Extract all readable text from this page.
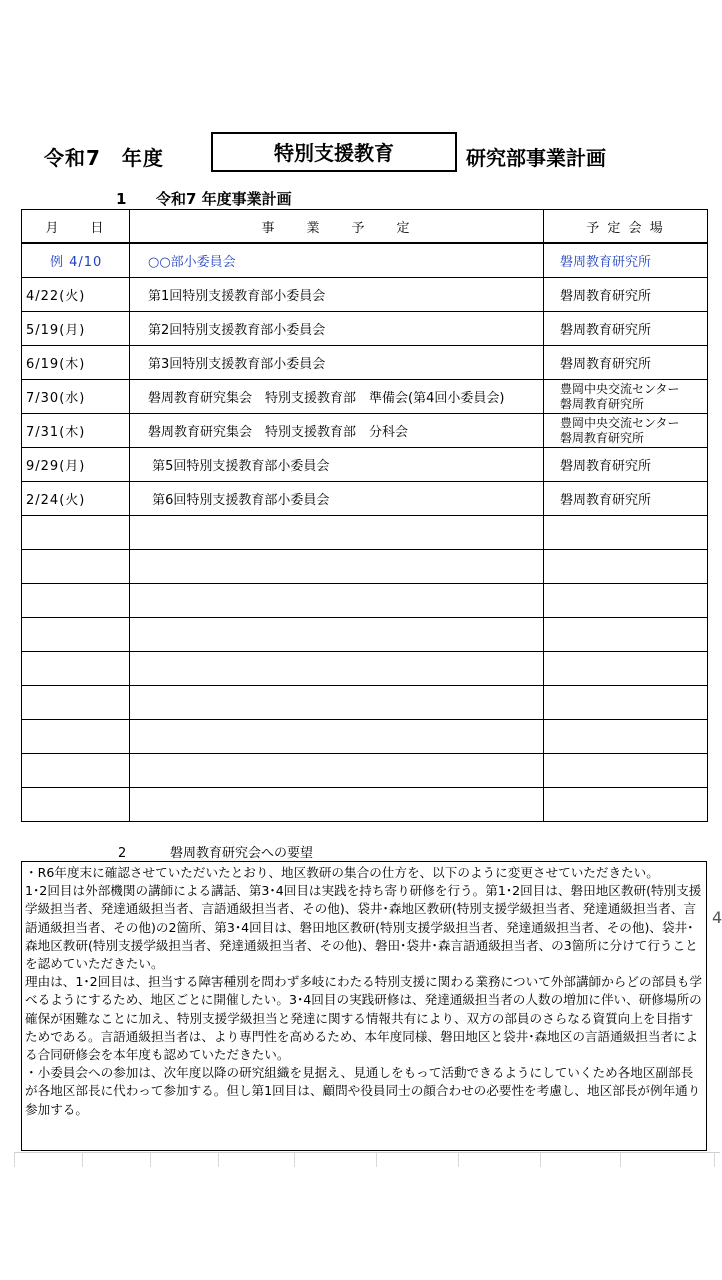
令和7　年度	特別支援教育	研究部事業計画
1 令和7 年度事業計画
月　　日	事　　業　　予　　定	予 定 会 場
例 4/10	○○部小委員会	磐周教育研究所
4/22(火)	第1回特別支援教育部小委員会	磐周教育研究所
5/19(月)	第2回特別支援教育部小委員会	磐周教育研究所
6/19(木)	第3回特別支援教育部小委員会	磐周教育研究所
7/30(水)	磐周教育研究集会　特別支援教育部　準備会(第4回小委員会)	豊岡中央交流センター
磐周教育研究所

7/31(木)	磐周教育研究集会　特別支援教育部　分科会	豊岡中央交流センター
磐周教育研究所

9/29(月)	第5回特別支援教育部小委員会	磐周教育研究所
2/24(火)	第6回特別支援教育部小委員会	磐周教育研究所

2	磐周教育研究会への要望

・R6年度末に確認させていただいたとおり、地区教研の集合の仕方を、以下のように変更させていただきたい。

1･2回目は外部機関の講師による講話、第3･4回目は実践を持ち寄り研修を行う。第1･2回目は、磐田地区教研(特別支援学級担当者、発達通級担当者、言語通級担当者、その他)、袋井･森地区教研(特別支援学級担当者、発達通級担当者、言語通級担当者、その他)の2箇所、第3･4回目は、磐田地区教研(特別支援学級担当者、発達通級担当者、その他)、袋井･森地区教研(特別支援学級担当者、発達通級担当者、その他)、磐田･袋井･森言語通級担当者、の3箇所に分けて行うことを認めていただきたい。

理由は、1･2回目は、担当する障害種別を問わず多岐にわたる特別支援に関わる業務について外部講師からどの部員も学べるようにするため、地区ごとに開催したい。3･4回目の実践研修は、発達通級担当者の人数の増加に伴い、研修場所の確保が困難なことに加え、特別支援学級担当と発達に関する情報共有により、双方の部員のさらなる資質向上を目指すためである。言語通級担当者は、より専門性を高めるため、本年度同様、磐田地区と袋井･森地区の言語通級担当者による合同研修会を本年度も認めていただきたい。

・小委員会への参加は、次年度以降の研究組織を見据え、見通しをもって活動できるようにしていくため各地区副部長が各地区部長に代わって参加する。但し第1回目は、顧問や役員同士の顔合わせの必要性を考慮し、地区部長が例年通り参加する。

4
